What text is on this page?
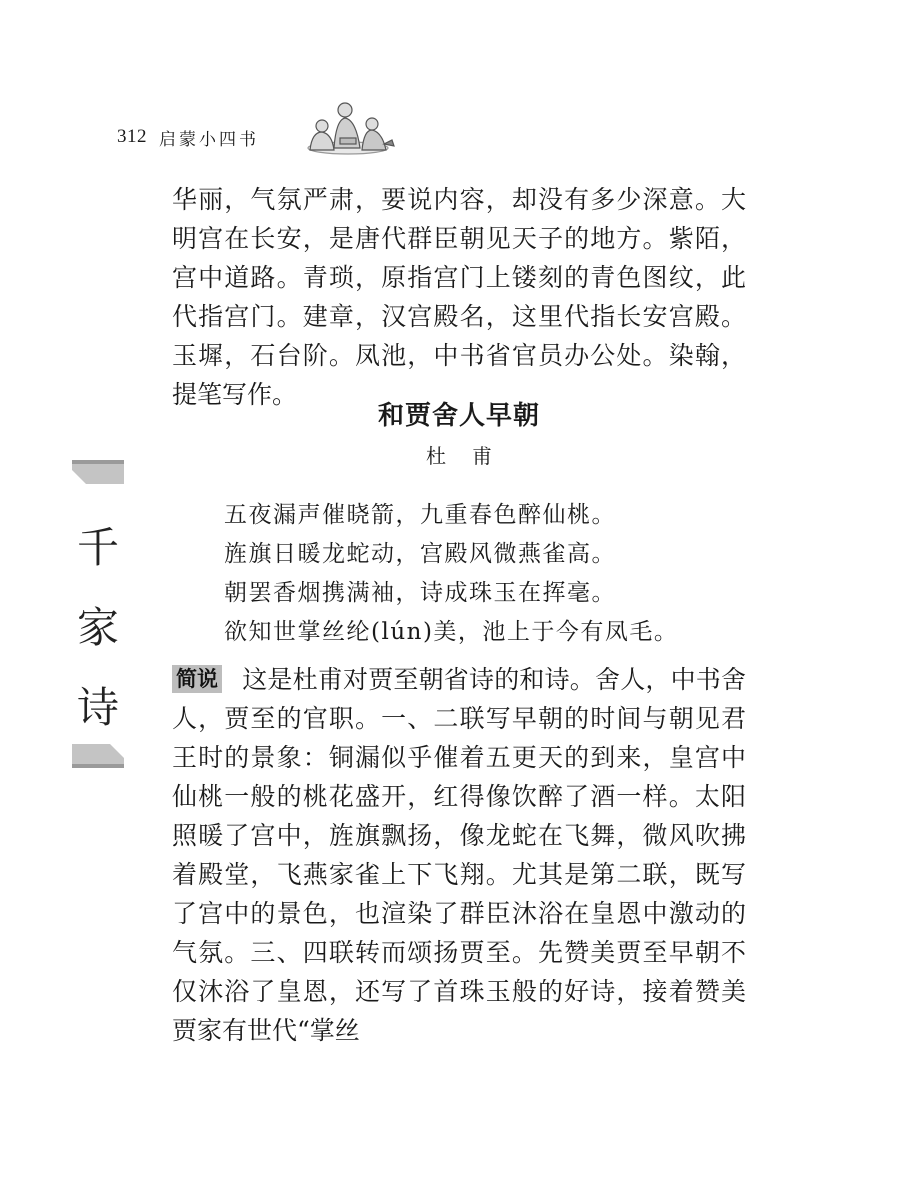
312 启蒙小四书

华丽，气氛严肃，要说内容，却没有多少深意。大明宫在长安，是唐代群臣朝见天子的地方。紫陌，宫中道路。青琐，原指宫门上镂刻的青色图纹，此代指宫门。建章，汉宫殿名，这里代指长安宫殿。玉墀，石台阶。凤池，中书省官员办公处。染翰，提笔写作。

和贾舍人早朝
杜甫
五夜漏声催晓箭，九重春色醉仙桃。
旌旗日暖龙蛇动，宫殿风微燕雀高。
朝罢香烟携满袖，诗成珠玉在挥毫。
欲知世掌丝纶(lún)美，池上于今有凤毛。

简说 这是杜甫对贾至朝省诗的和诗。舍人，中书舍人，贾至的官职。一、二联写早朝的时间与朝见君王时的景象：铜漏似乎催着五更天的到来，皇宫中仙桃一般的桃花盛开，红得像饮醉了酒一样。太阳照暖了宫中，旌旗飘扬，像龙蛇在飞舞，微风吹拂着殿堂，飞燕家雀上下飞翔。尤其是第二联，既写了宫中的景色，也渲染了群臣沐浴在皇恩中激动的气氛。三、四联转而颂扬贾至。先赞美贾至早朝不仅沐浴了皇恩，还写了首珠玉般的好诗，接着赞美贾家有世代“掌丝

千
家
诗
